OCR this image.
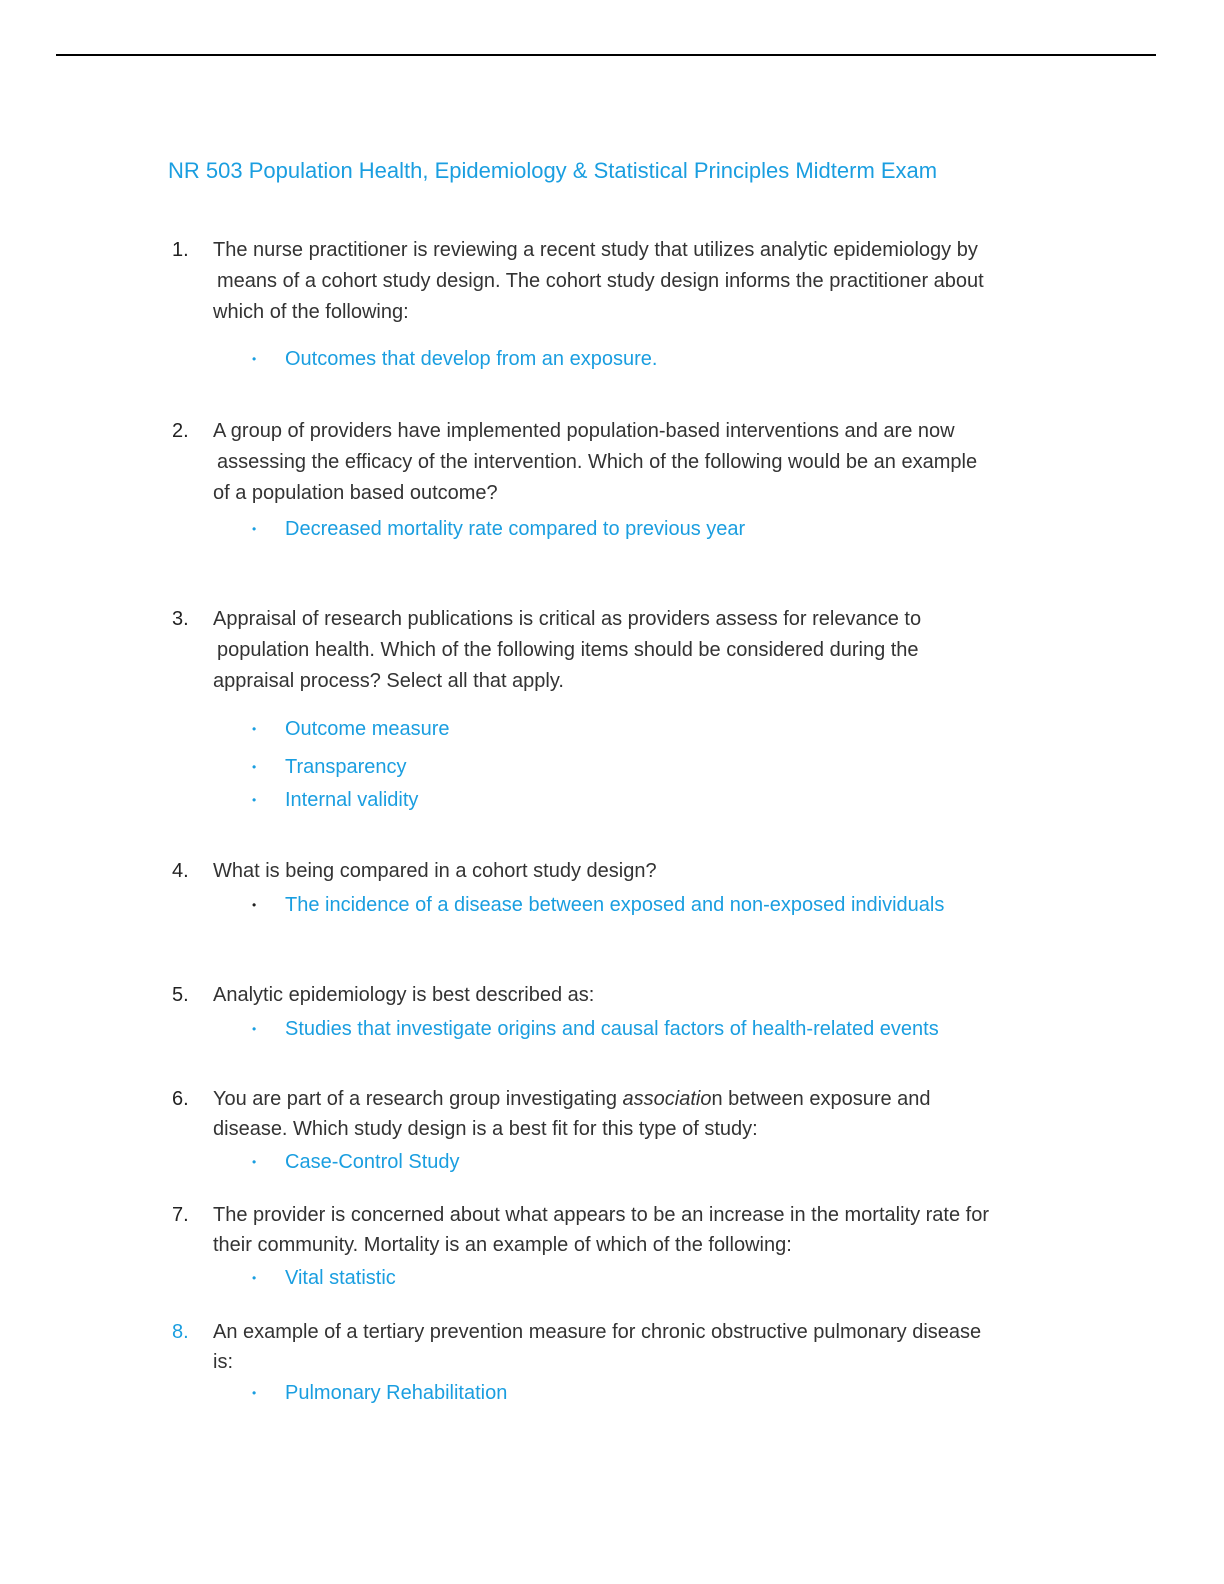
NR 503 Population Health, Epidemiology & Statistical Principles Midterm Exam
1.	The nurse practitioner is reviewing a recent study that utilizes analytic epidemiology by
means of a cohort study design. The cohort study design informs the practitioner about
which of the following:
• Outcomes that develop from an exposure.
2.	A group of providers have implemented population-based interventions and are now
assessing the efficacy of the intervention. Which of the following would be an example
of a population based outcome?
• Decreased mortality rate compared to previous year
3.	Appraisal of research publications is critical as providers assess for relevance to
population health. Which of the following items should be considered during the
appraisal process? Select all that apply.
• Outcome measure
• Transparency
• Internal validity
4.	What is being compared in a cohort study design?
• The incidence of a disease between exposed and non-exposed individuals
5.	Analytic epidemiology is best described as:
• Studies that investigate origins and causal factors of health-related events
6.	You are part of a research group investigating association between exposure and
disease. Which study design is a best fit for this type of study:
• Case-Control Study
7.	The provider is concerned about what appears to be an increase in the mortality rate for
their community. Mortality is an example of which of the following:
• Vital statistic
8.	An example of a tertiary prevention measure for chronic obstructive pulmonary disease
is:
• Pulmonary Rehabilitation
